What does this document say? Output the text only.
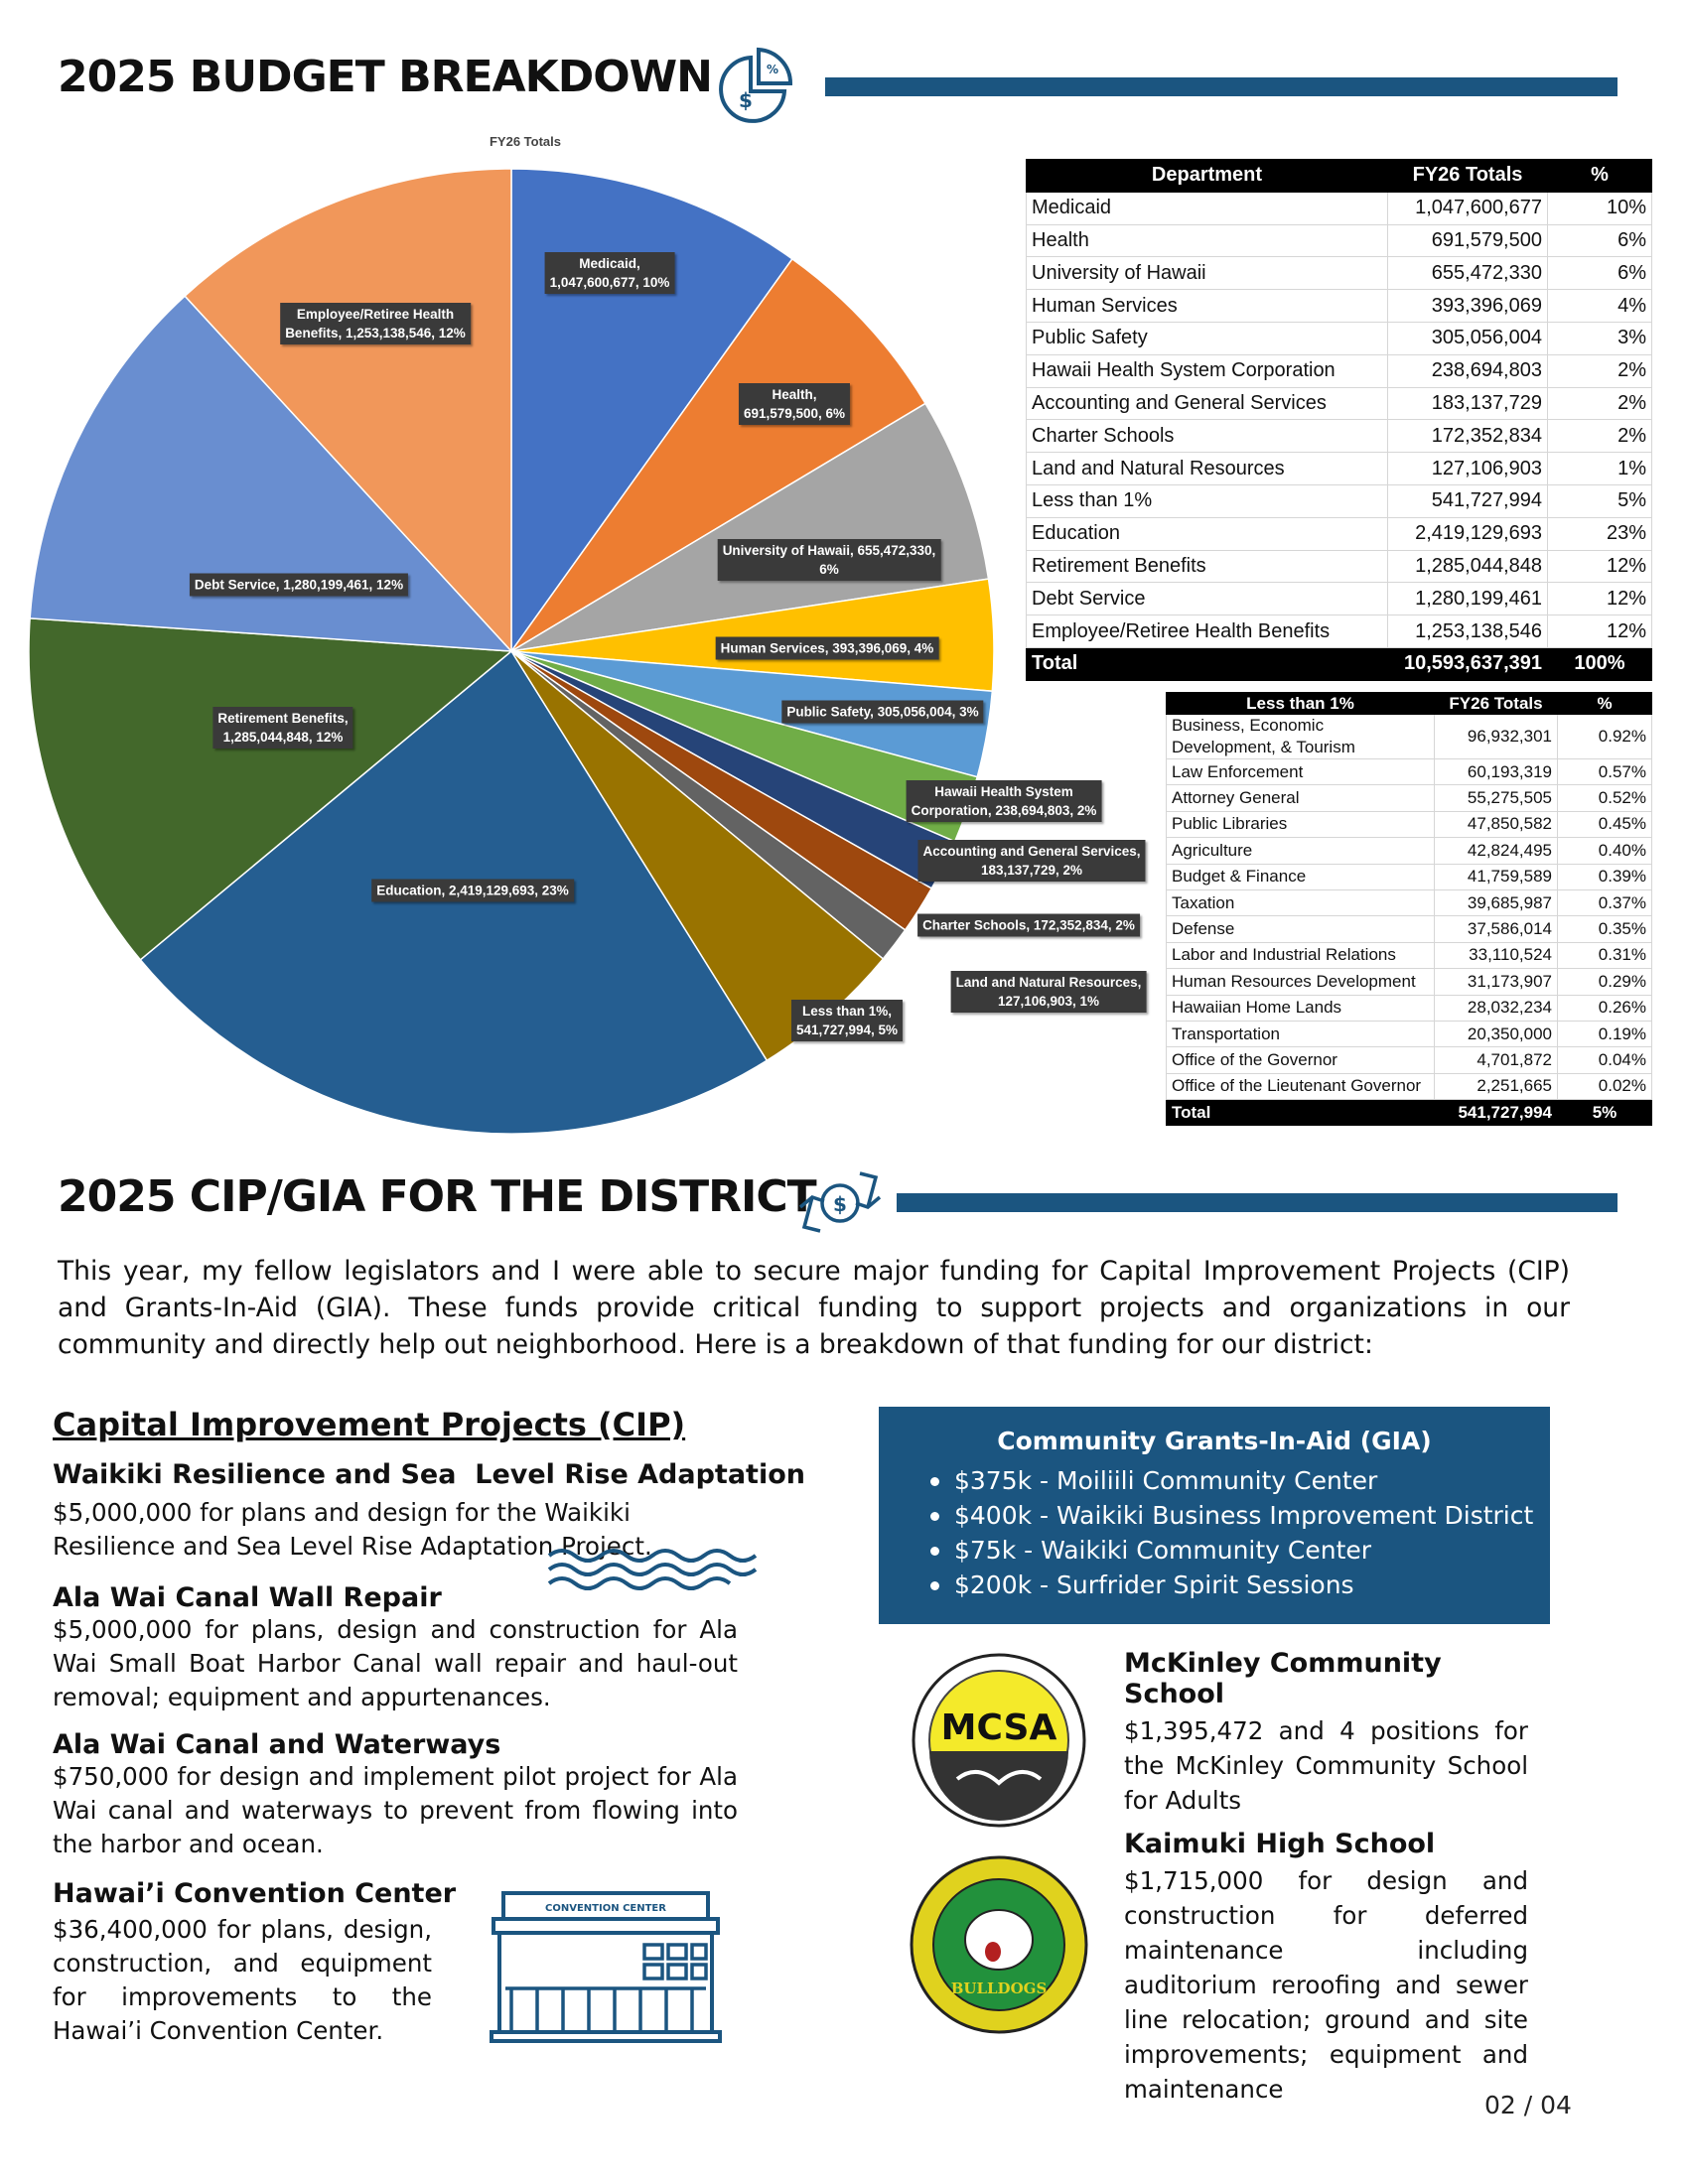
2025 BUDGET BREAKDOWN $
%
FY26 Totals
Medicaid,
1,047,600,677, 10%
Health,
691,579,500, 6%
University of Hawaii, 655,472,330,
6%
Human Services, 393,396,069, 4%
Public Safety, 305,056,004, 3%
Hawaii Health System
Corporation, 238,694,803, 2%
Accounting and General Services,
183,137,729, 2%
Charter Schools, 172,352,834, 2%
Land and Natural Resources,
127,106,903, 1%
Less than 1%,
541,727,994, 5%
Education, 2,419,129,693, 23%
Retirement Benefits,
1,285,044,848, 12%
Debt Service, 1,280,199,461, 12%
Employee/Retiree Health
Benefits, 1,253,138,546, 12%
Department	FY26 Totals	%
Medicaid	1,047,600,677	10%
Health	691,579,500	6%
University of Hawaii	655,472,330	6%
Human Services	393,396,069	4%
Public Safety	305,056,004	3%
Hawaii Health System Corporation	238,694,803	2%
Accounting and General Services	183,137,729	2%
Charter Schools	172,352,834	2%
Land and Natural Resources	127,106,903	1%
Less than 1%	541,727,994	5%
Education	2,419,129,693	23%
Retirement Benefits	1,285,044,848	12%
Debt Service	1,280,199,461	12%
Employee/Retiree Health Benefits	1,253,138,546	12%
Total	10,593,637,391	100%
Less than 1%	FY26 Totals	%
Business, Economic Development, & Tourism	96,932,301	0.92%
Law Enforcement	60,193,319	0.57%
Attorney General	55,275,505	0.52%
Public Libraries	47,850,582	0.45%
Agriculture	42,824,495	0.40%
Budget & Finance	41,759,589	0.39%
Taxation	39,685,987	0.37%
Defense	37,586,014	0.35%
Labor and Industrial Relations	33,110,524	0.31%
Human Resources Development	31,173,907	0.29%
Hawaiian Home Lands	28,032,234	0.26%
Transportation	20,350,000	0.19%
Office of the Governor	4,701,872	0.04%
Office of the Lieutenant Governor	2,251,665	0.02%
Total	541,727,994	5%
2025 CIP/GIA FOR THE DISTRICT $
This year, my fellow legislators and I were able to secure major funding for Capital Improvement Projects (CIP) and Grants-In-Aid (GIA). These funds provide critical funding to support projects and organizations in our community and directly help out neighborhood. Here is a breakdown of that funding for our district:
Capital Improvement Projects (CIP)
Waikiki Resilience and Sea  Level Rise Adaptation
$5,000,000 for plans and design for the Waikiki Resilience and Sea Level Rise Adaptation Project.
Ala Wai Canal Wall Repair
$5,000,000 for plans, design and construction for Ala Wai Small Boat Harbor Canal wall repair and haul-out removal; equipment and appurtenances.
Ala Wai Canal and Waterways
$750,000 for design and implement pilot project for Ala Wai canal and waterways to prevent from flowing into the harbor and ocean.
Hawai’i Convention Center
$36,400,000 for plans, design, construction, and equipment for improvements to the Hawai’i Convention Center.
CONVENTION CENTER
Community Grants-In-Aid (GIA)
$375k - Moiliili Community Center
$400k - Waikiki Business Improvement District
$75k - Waikiki Community Center
$200k - Surfrider Spirit Sessions
MCSA
McKinley Community School
$1,395,472 and 4 positions for the McKinley Community School for Adults
BULLDOGS
Kaimuki High School
$1,715,000 for design and construction for deferred maintenance including auditorium reroofing and sewer line relocation; ground and site improvements; equipment and maintenance
02 / 04
